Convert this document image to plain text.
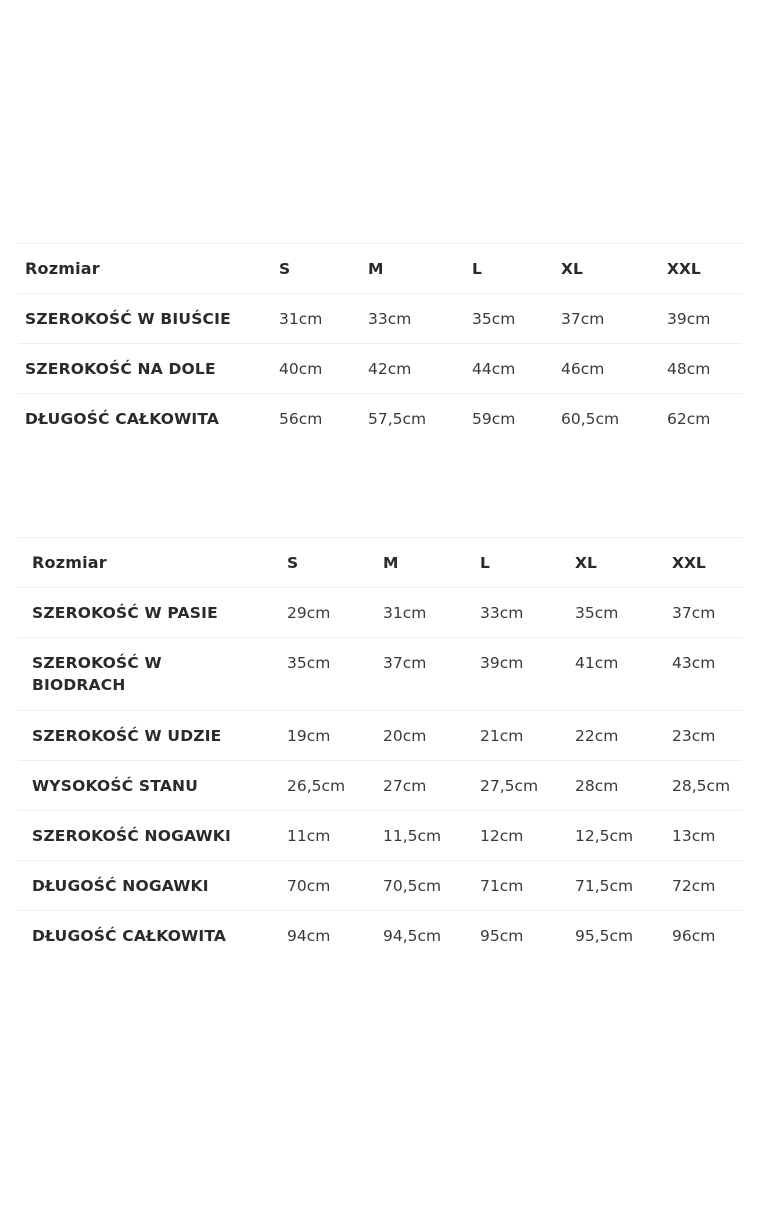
Rozmiar	S	M	L	XL	XXL

SZEROKOŚĆ W BIUŚCIE	31cm	33cm	35cm	37cm	39cm

SZEROKOŚĆ NA DOLE	40cm	42cm	44cm	46cm	48cm

DŁUGOŚĆ CAŁKOWITA	56cm	57,5cm	59cm	60,5cm	62cm
Rozmiar	S	M	L	XL	XXL

SZEROKOŚĆ W PASIE	29cm	31cm	33cm	35cm	37cm

SZEROKOŚĆ W BIODRACH	35cm	37cm	39cm	41cm	43cm

SZEROKOŚĆ W UDZIE	19cm	20cm	21cm	22cm	23cm

WYSOKOŚĆ STANU	26,5cm	27cm	27,5cm	28cm	28,5cm

SZEROKOŚĆ NOGAWKI	11cm	11,5cm	12cm	12,5cm	13cm

DŁUGOŚĆ NOGAWKI	70cm	70,5cm	71cm	71,5cm	72cm

DŁUGOŚĆ CAŁKOWITA	94cm	94,5cm	95cm	95,5cm	96cm
